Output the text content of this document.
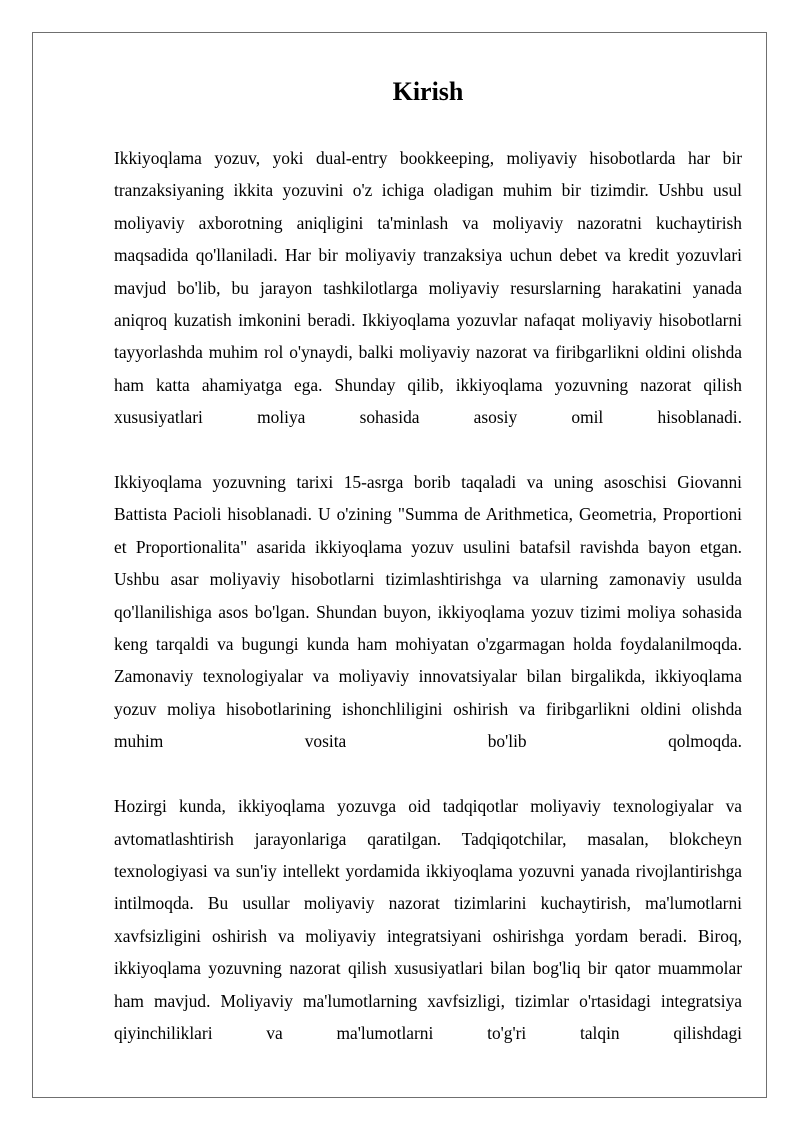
Kirish

Ikkiyoqlama yozuv, yoki dual-entry bookkeeping, moliyaviy hisobotlarda har bir tranzaksiyaning ikkita yozuvini o'z ichiga oladigan muhim bir tizimdir. Ushbu usul moliyaviy axborotning aniqligini ta'minlash va moliyaviy nazoratni kuchaytirish maqsadida qo'llaniladi. Har bir moliyaviy tranzaksiya uchun debet va kredit yozuvlari mavjud bo'lib, bu jarayon tashkilotlarga moliyaviy resurslarning harakatini yanada aniqroq kuzatish imkonini beradi. Ikkiyoqlama yozuvlar nafaqat moliyaviy hisobotlarni tayyorlashda muhim rol o'ynaydi, balki moliyaviy nazorat va firibgarlikni oldini olishda ham katta ahamiyatga ega. Shunday qilib, ikkiyoqlama yozuvning nazorat qilish xususiyatlari moliya sohasida asosiy omil hisoblanadi.

Ikkiyoqlama yozuvning tarixi 15-asrga borib taqaladi va uning asoschisi Giovanni Battista Pacioli hisoblanadi. U o'zining "Summa de Arithmetica, Geometria, Proportioni et Proportionalita" asarida ikkiyoqlama yozuv usulini batafsil ravishda bayon etgan. Ushbu asar moliyaviy hisobotlarni tizimlashtirishga va ularning zamonaviy usulda qo'llanilishiga asos bo'lgan. Shundan buyon, ikkiyoqlama yozuv tizimi moliya sohasida keng tarqaldi va bugungi kunda ham mohiyatan o'zgarmagan holda foydalanilmoqda. Zamonaviy texnologiyalar va moliyaviy innovatsiyalar bilan birgalikda, ikkiyoqlama yozuv moliya hisobotlarining ishonchliligini oshirish va firibgarlikni oldini olishda muhim vosita bo'lib qolmoqda.

Hozirgi kunda, ikkiyoqlama yozuvga oid tadqiqotlar moliyaviy texnologiyalar va avtomatlashtirish jarayonlariga qaratilgan. Tadqiqotchilar, masalan, blokcheyn texnologiyasi va sun'iy intellekt yordamida ikkiyoqlama yozuvni yanada rivojlantirishga intilmoqda. Bu usullar moliyaviy nazorat tizimlarini kuchaytirish, ma'lumotlarni xavfsizligini oshirish va moliyaviy integratsiyani oshirishga yordam beradi. Biroq, ikkiyoqlama yozuvning nazorat qilish xususiyatlari bilan bog'liq bir qator muammolar ham mavjud. Moliyaviy ma'lumotlarning xavfsizligi, tizimlar o'rtasidagi integratsiya qiyinchiliklari va ma'lumotlarni to'g'ri talqin qilishdagi
